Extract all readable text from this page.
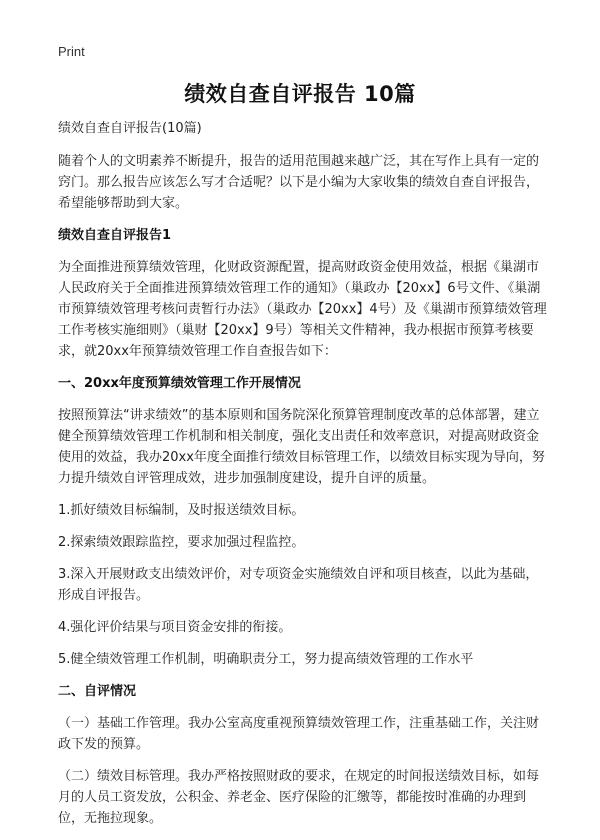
Print
绩效自查自评报告 10篇
绩效自查自评报告(10篇)
随着个人的文明素养不断提升，报告的适用范围越来越广泛，其在写作上具有一定的窍门。那么报告应该怎么写才合适呢？以下是小编为大家收集的绩效自查自评报告，希望能够帮助到大家。
绩效自查自评报告1
为全面推进预算绩效管理，化财政资源配置，提高财政资金使用效益，根据《巢湖市人民政府关于全面推进预算绩效管理工作的通知》（巢政办【20xx】6号文件、《巢湖市预算绩效管理考核问责暂行办法》（巢政办【20xx】4号）及《巢湖市预算绩效管理工作考核实施细则》（巢财【20xx】9号）等相关文件精神，我办根据市预算考核要求，就20xx年预算绩效管理工作自查报告如下：
一、20xx年度预算绩效管理工作开展情况
按照预算法“讲求绩效”的基本原则和国务院深化预算管理制度改革的总体部署，建立健全预算绩效管理工作机制和相关制度，强化支出责任和效率意识，对提高财政资金使用的效益，我办20xx年度全面推行绩效目标管理工作，以绩效目标实现为导向，努力提升绩效自评管理成效，进步加强制度建设，提升自评的质量。
1.抓好绩效目标编制，及时报送绩效目标。
2.探索绩效跟踪监控，要求加强过程监控。
3.深入开展财政支出绩效评价，对专项资金实施绩效自评和项目核查，以此为基础，形成自评报告。
4.强化评价结果与项目资金安排的衔接。
5.健全绩效管理工作机制，明确职责分工，努力提高绩效管理的工作水平
二、自评情况
（一）基础工作管理。我办公室高度重视预算绩效管理工作，注重基础工作，关注财政下发的预算。
（二）绩效目标管理。我办严格按照财政的要求，在规定的时间报送绩效目标，如每月的人员工资发放，公积金、养老金、医疗保险的汇缴等，都能按时准确的办理到位，无拖拉现象。
